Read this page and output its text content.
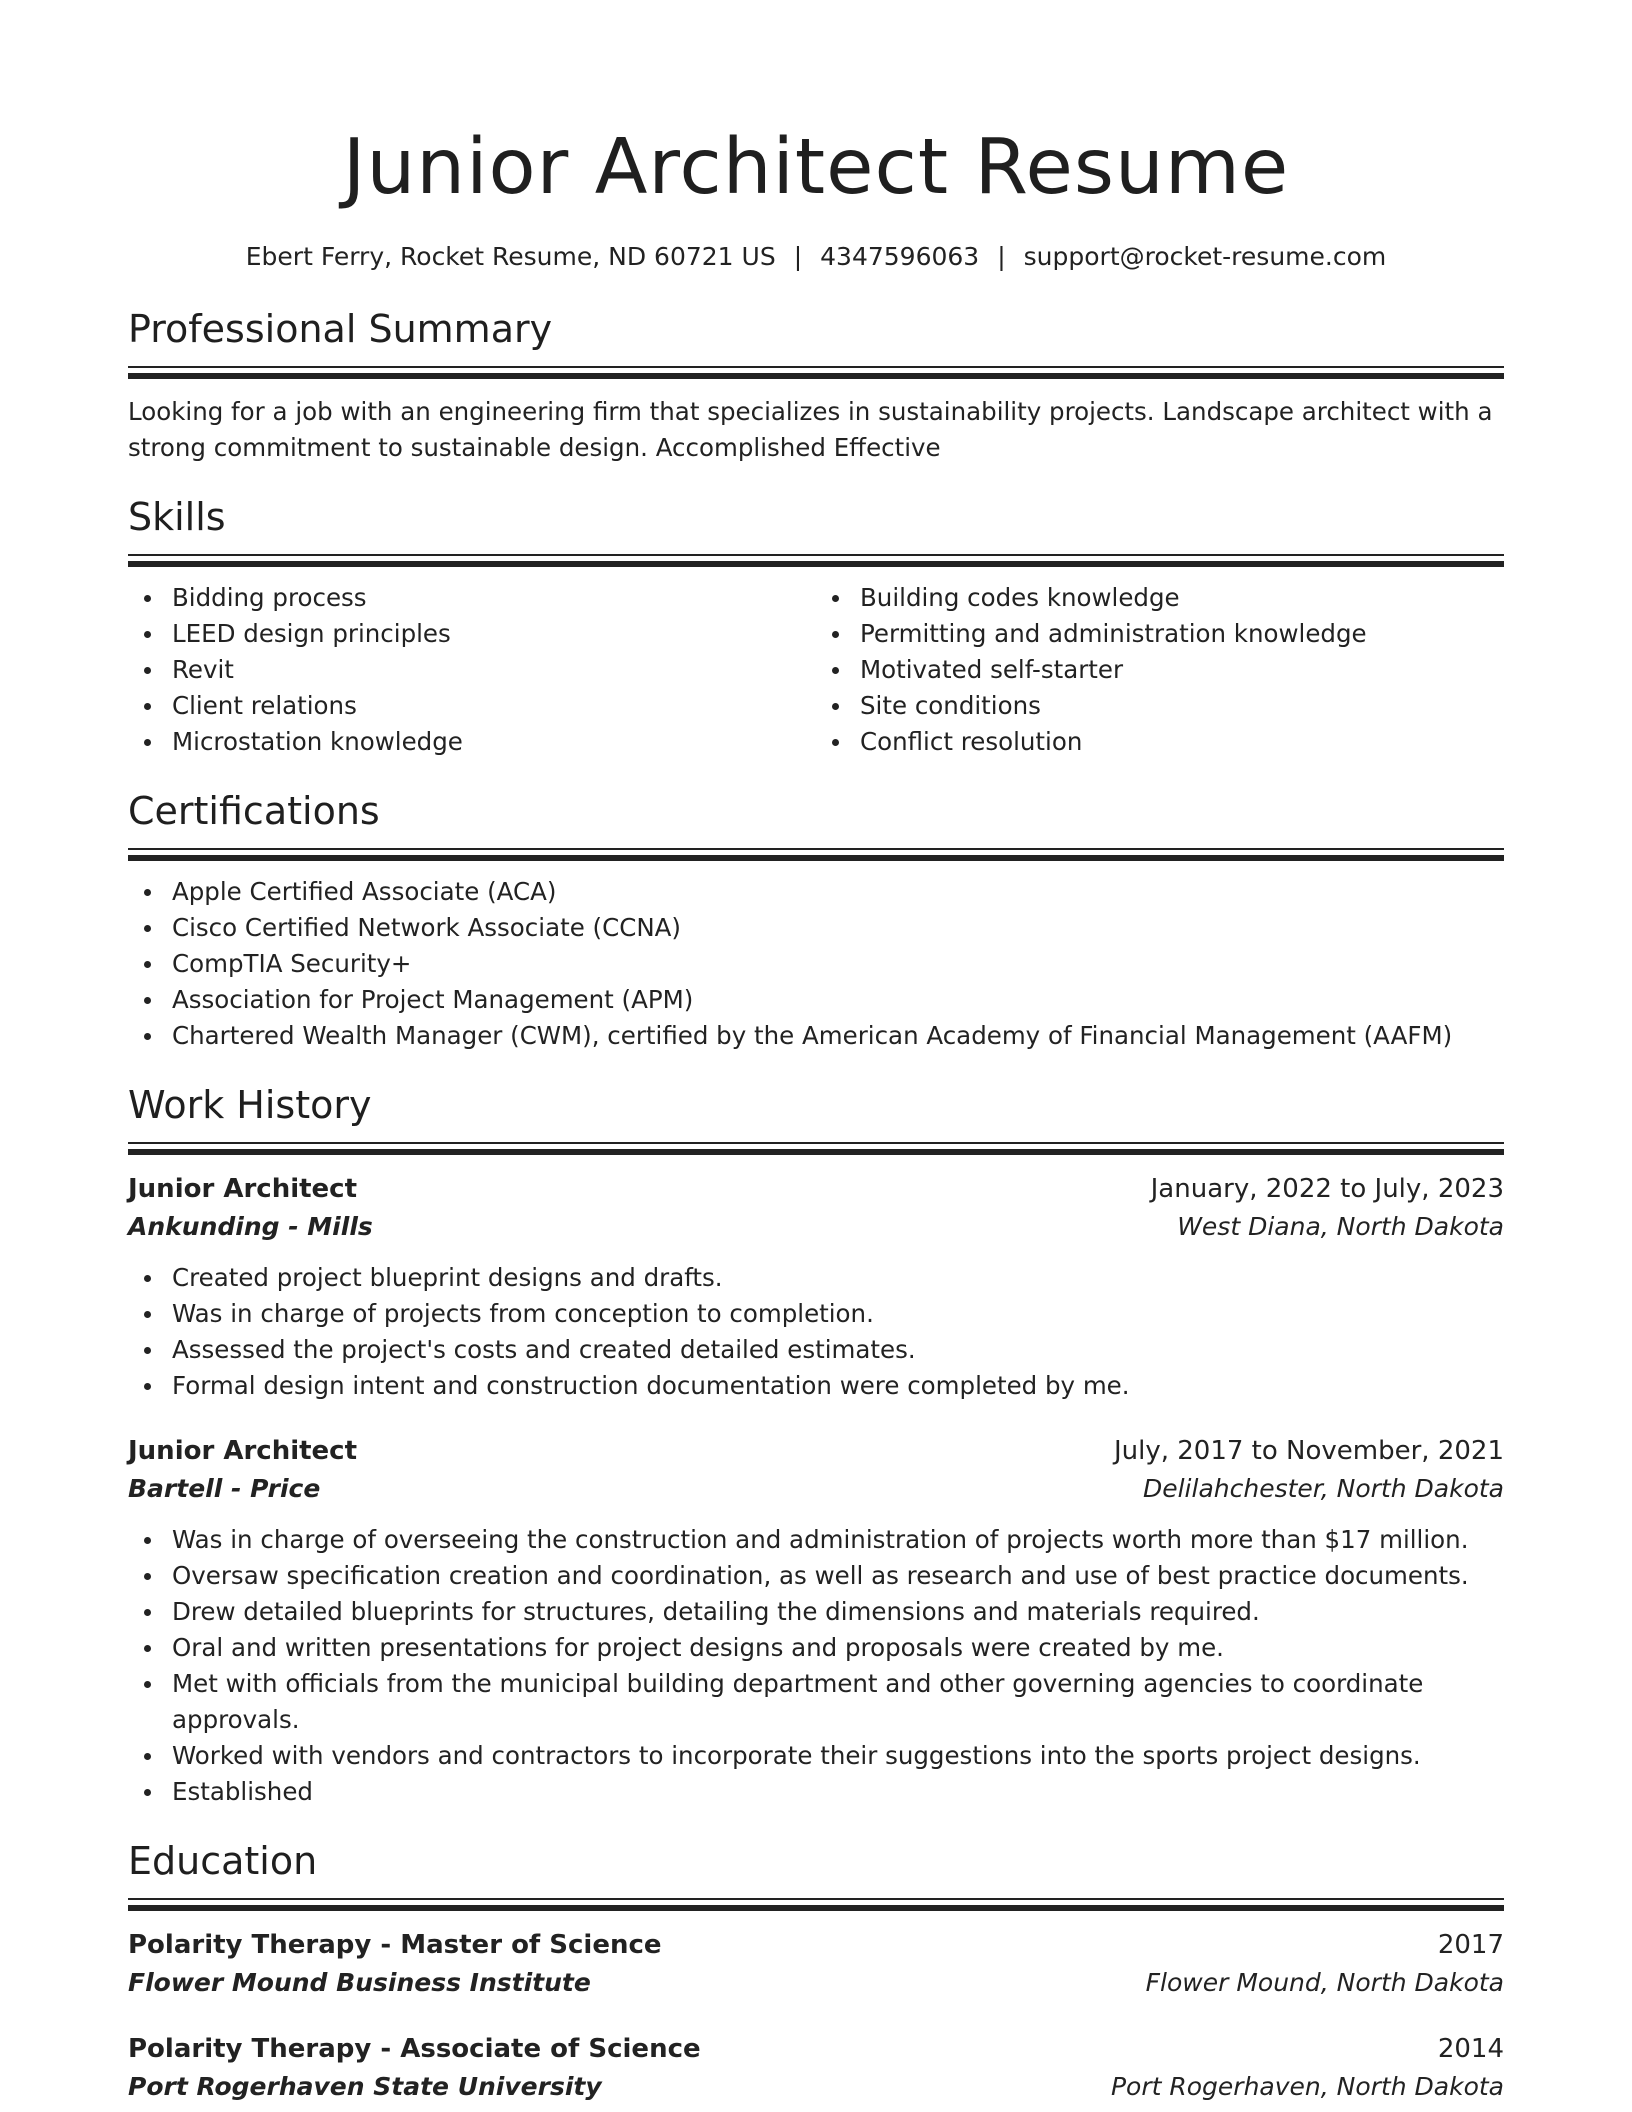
Junior Architect Resume
Ebert Ferry, Rocket Resume, ND 60721 US | 4347596063 | support@rocket-resume.com
Professional Summary

Looking for a job with an engineering firm that specializes in sustainability projects. Landscape architect with a strong commitment to sustainable design. Accomplished Effective

Skills
Bidding process
LEED design principles
Revit
Client relations
Microstation knowledge
Building codes knowledge
Permitting and administration knowledge
Motivated self-starter
Site conditions
Conflict resolution
Certifications
Apple Certified Associate (ACA)
Cisco Certified Network Associate (CCNA)
CompTIA Security+
Association for Project Management (APM)
Chartered Wealth Manager (CWM), certified by the American Academy of Financial Management (AAFM)
Work History
Junior Architect	January, 2022 to July, 2023
Ankunding - Mills	West Diana, North Dakota
Created project blueprint designs and drafts.
Was in charge of projects from conception to completion.
Assessed the project's costs and created detailed estimates.
Formal design intent and construction documentation were completed by me.
Junior Architect	July, 2017 to November, 2021
Bartell - Price	Delilahchester, North Dakota
Was in charge of overseeing the construction and administration of projects worth more than $17 million.
Oversaw specification creation and coordination, as well as research and use of best practice documents.
Drew detailed blueprints for structures, detailing the dimensions and materials required.
Oral and written presentations for project designs and proposals were created by me.
Met with officials from the municipal building department and other governing agencies to coordinate approvals.
Worked with vendors and contractors to incorporate their suggestions into the sports project designs.
Established
Education
Polarity Therapy - Master of Science	2017
Flower Mound Business Institute	Flower Mound, North Dakota
Polarity Therapy - Associate of Science	2014
Port Rogerhaven State University	Port Rogerhaven, North Dakota
